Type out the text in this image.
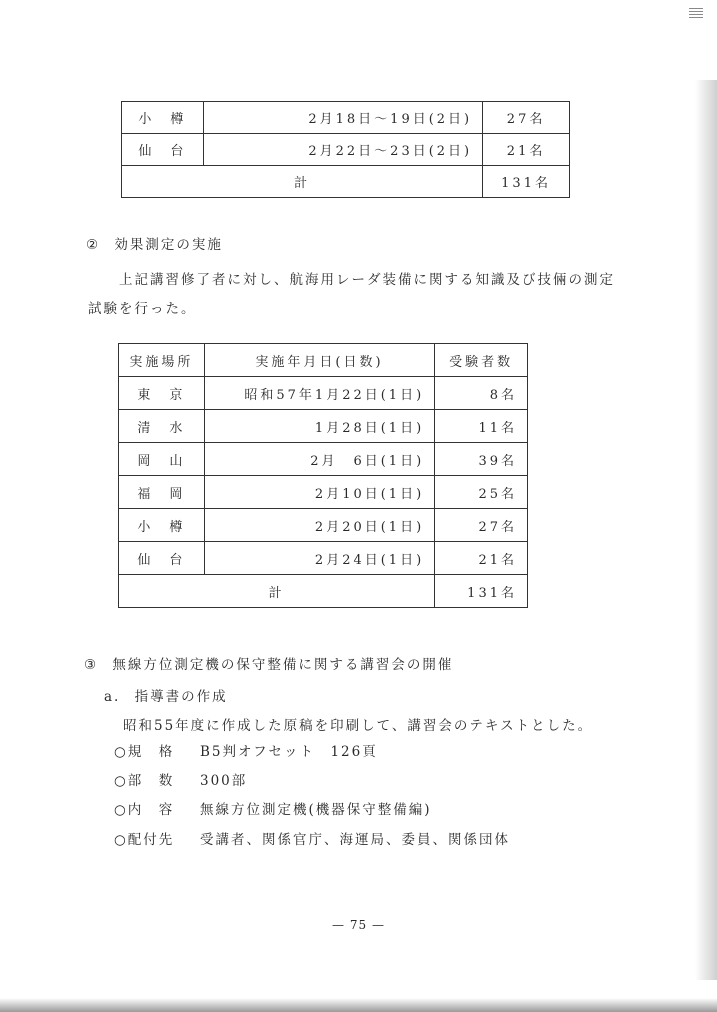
小　樽	2月18日〜19日(2日)	27名
仙　台	2月22日〜23日(2日)	21名
計		131名
② 効果測定の実施
上記講習修了者に対し、航海用レーダ装備に関する知識及び技倆の測定
試験を行った。
実施場所	実施年月日(日数)	受験者数
東　京	昭和57年1月22日(1日)	8名
清　水	1月28日(1日)	11名
岡　山	2月　6日(1日)	39名
福　岡	2月10日(1日)	25名
小　樽	2月20日(1日)	27名
仙　台	2月24日(1日)	21名
計		131名
③ 無線方位測定機の保守整備に関する講習会の開催
a. 指導書の作成
昭和55年度に作成した原稿を印刷して、講習会のテキストとした。
○規　格 B5判オフセット　126頁
○部　数 300部
○内　容 無線方位測定機(機器保守整備編)
○配付先 受講者、関係官庁、海運局、委員、関係団体
— 75 —
